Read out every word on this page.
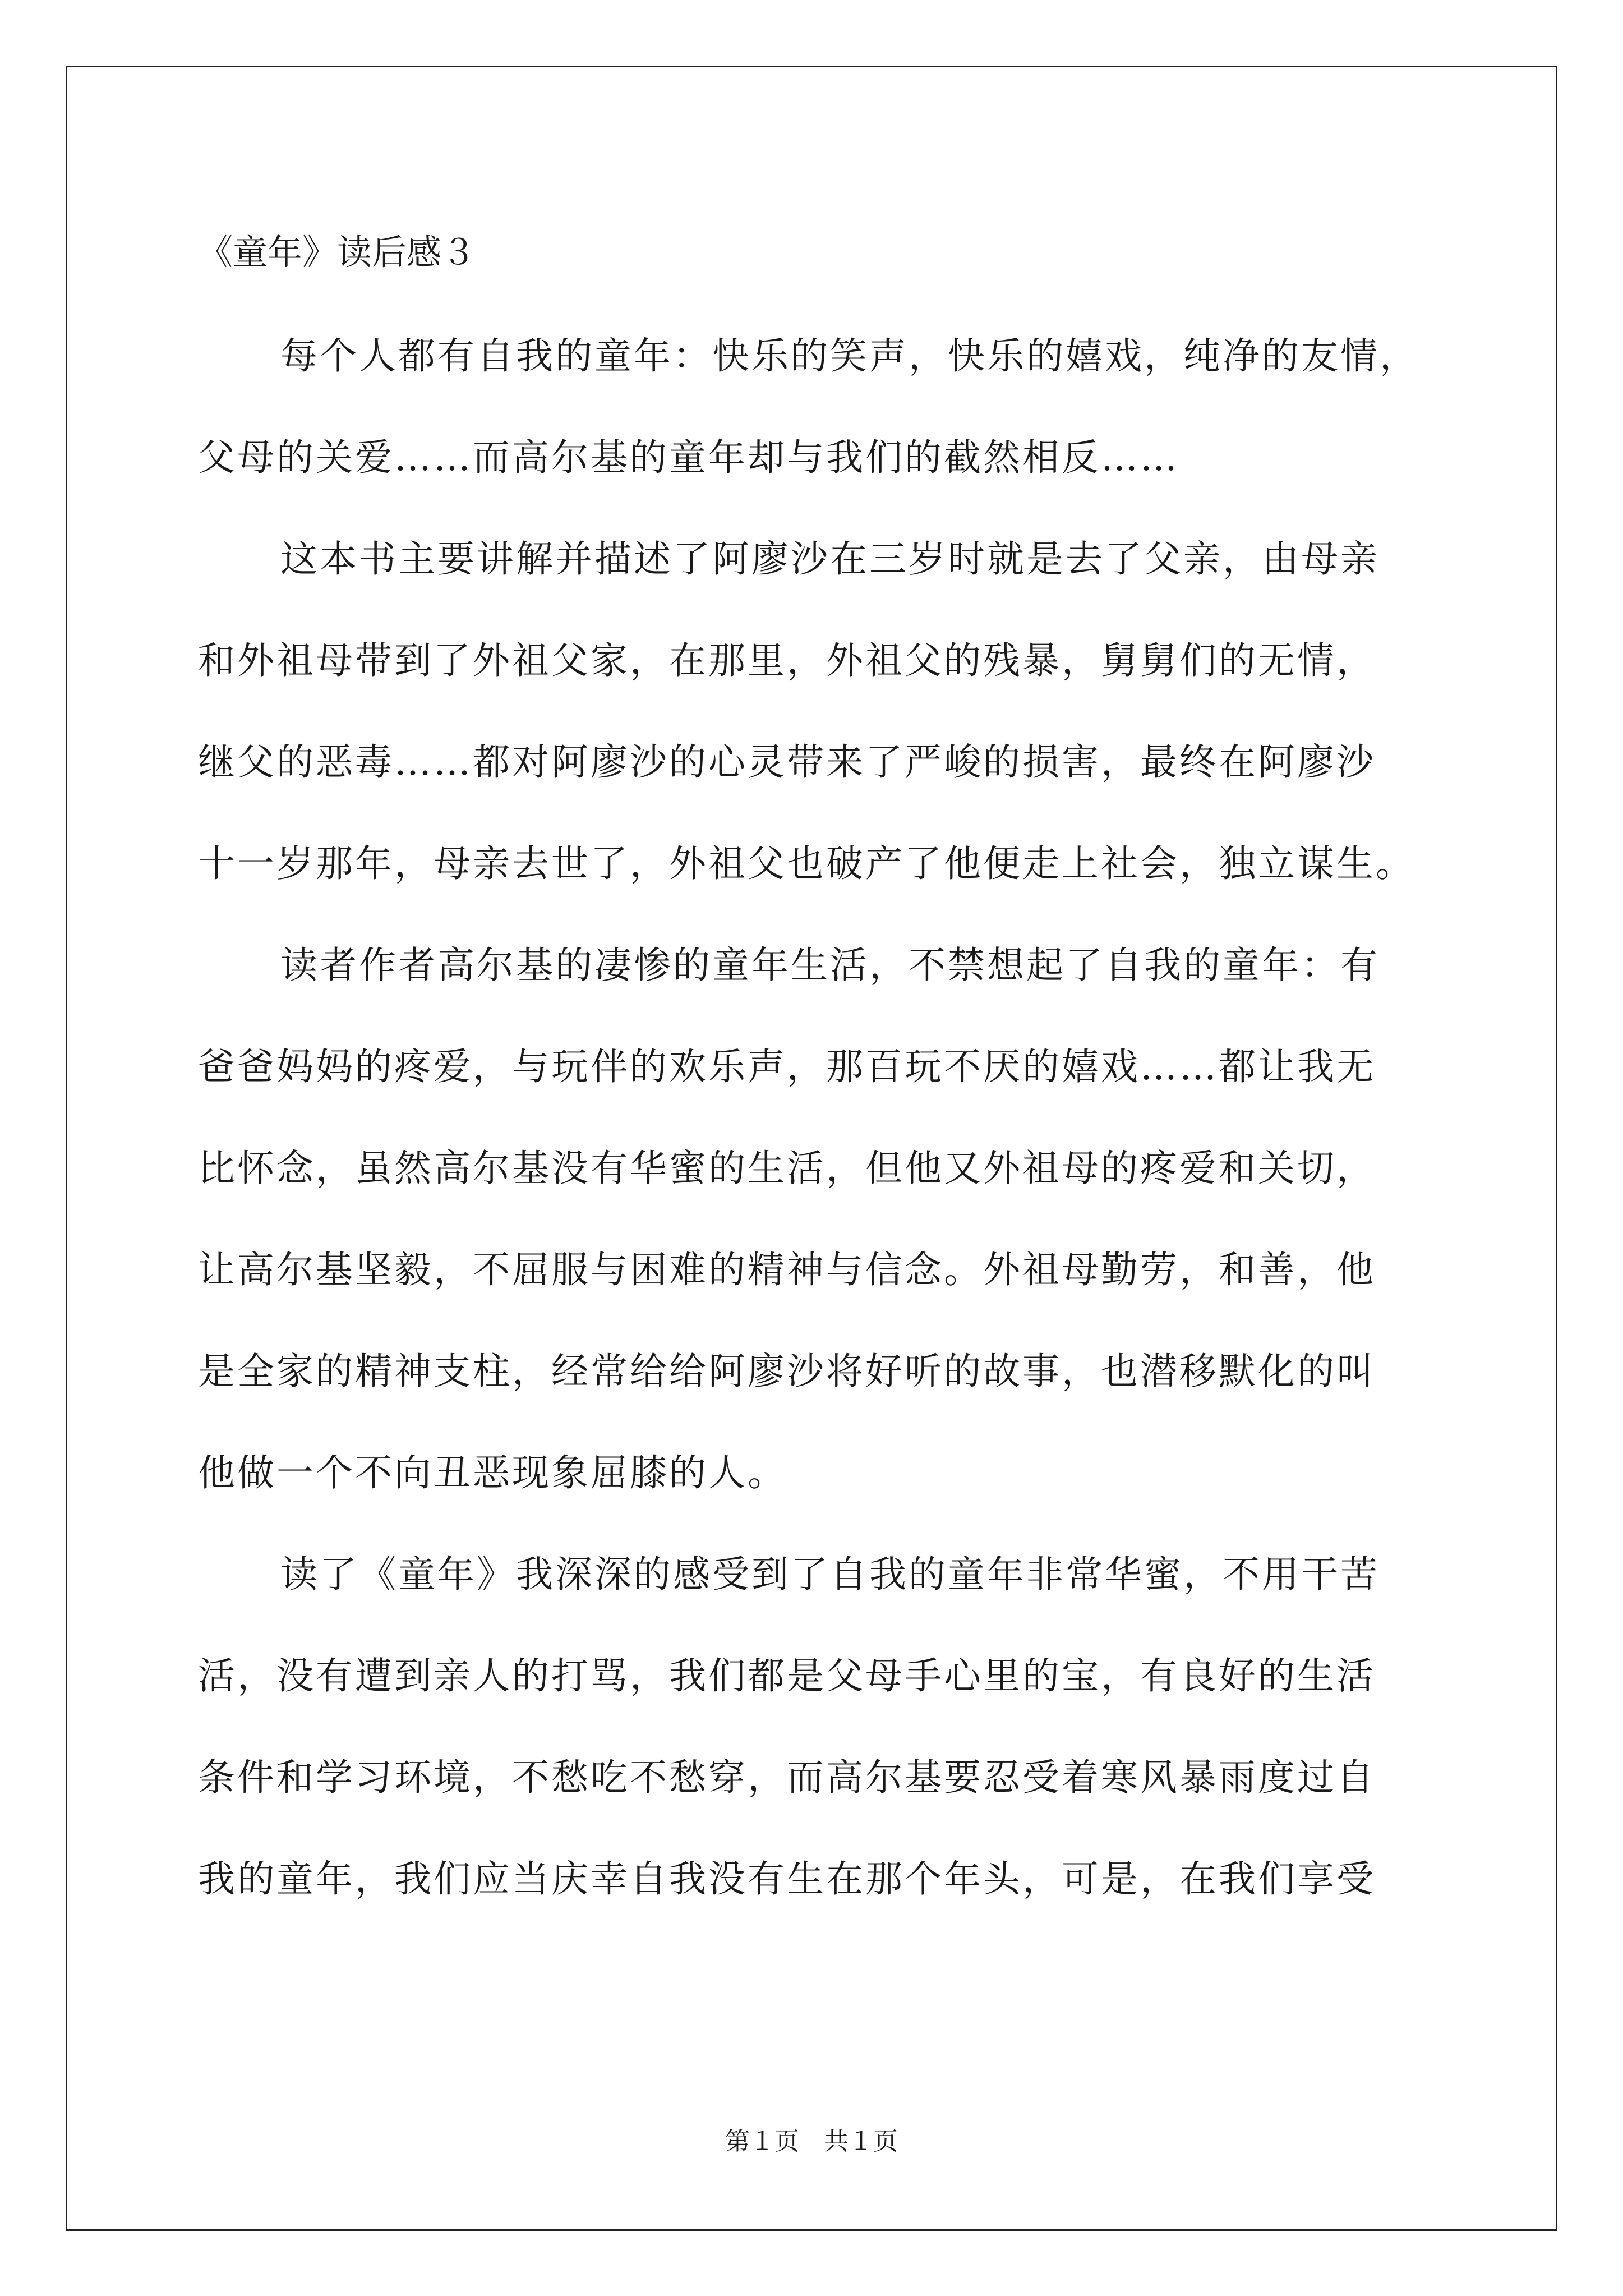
《童年》读后感３
每个人都有自我的童年：快乐的笑声，快乐的嬉戏，纯净的友情，
父母的关爱……而高尔基的童年却与我们的截然相反……
这本书主要讲解并描述了阿廖沙在三岁时就是去了父亲，由母亲
和外祖母带到了外祖父家，在那里，外祖父的残暴，舅舅们的无情，
继父的恶毒……都对阿廖沙的心灵带来了严峻的损害，最终在阿廖沙
十一岁那年，母亲去世了，外祖父也破产了他便走上社会，独立谋生。
读者作者高尔基的凄惨的童年生活，不禁想起了自我的童年：有
爸爸妈妈的疼爱，与玩伴的欢乐声，那百玩不厌的嬉戏……都让我无
比怀念，虽然高尔基没有华蜜的生活，但他又外祖母的疼爱和关切，
让高尔基坚毅，不屈服与困难的精神与信念。外祖母勤劳，和善，他
是全家的精神支柱，经常给给阿廖沙将好听的故事，也潜移默化的叫
他做一个不向丑恶现象屈膝的人。
读了《童年》我深深的感受到了自我的童年非常华蜜，不用干苦
活，没有遭到亲人的打骂，我们都是父母手心里的宝，有良好的生活
条件和学习环境，不愁吃不愁穿，而高尔基要忍受着寒风暴雨度过自
我的童年，我们应当庆幸自我没有生在那个年头，可是，在我们享受
第１页　共１页
